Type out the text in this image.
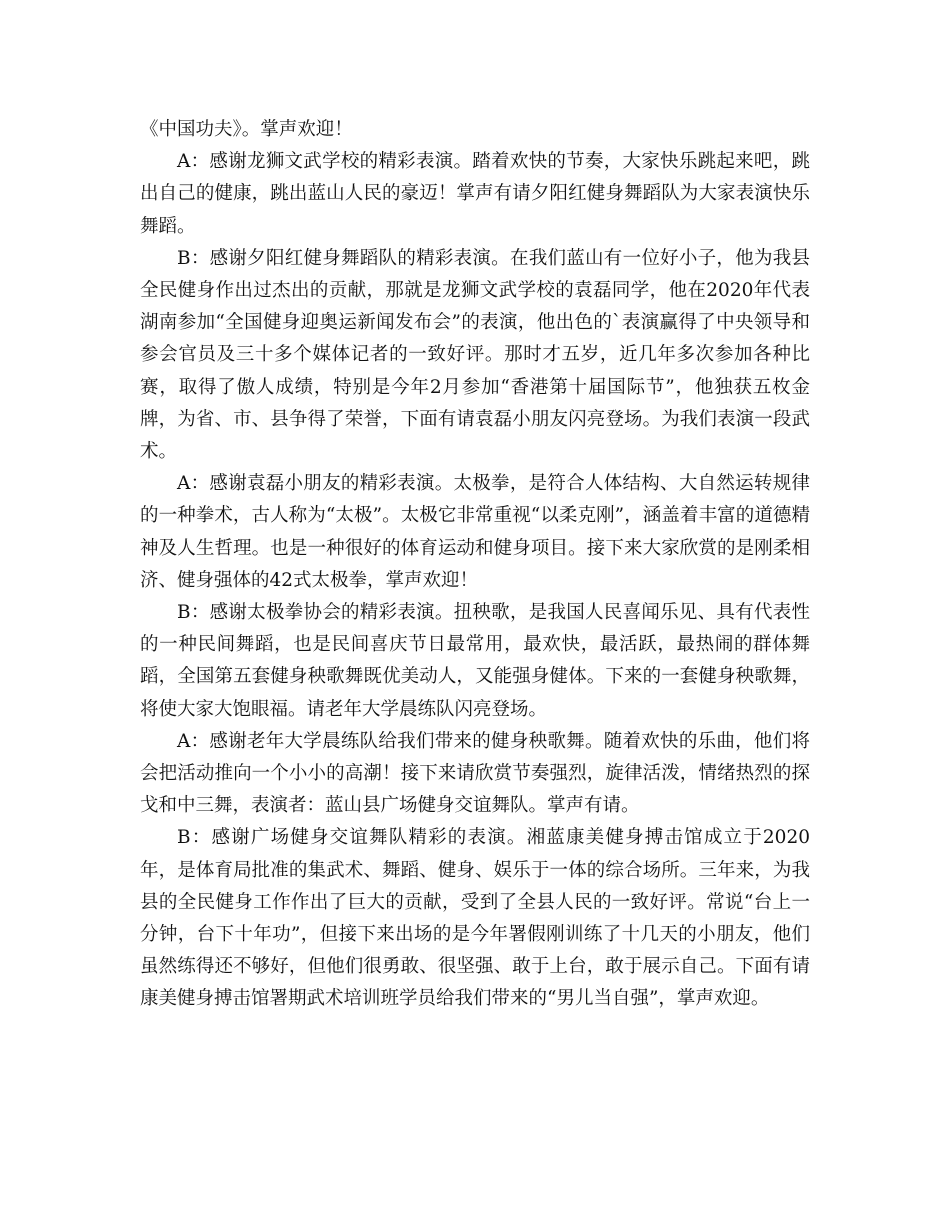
《中国功夫》。掌声欢迎！

A：感谢龙狮文武学校的精彩表演。踏着欢快的节奏，大家快乐跳起来吧，跳出自己的健康，跳出蓝山人民的豪迈！掌声有请夕阳红健身舞蹈队为大家表演快乐舞蹈。

B：感谢夕阳红健身舞蹈队的精彩表演。在我们蓝山有一位好小子，他为我县全民健身作出过杰出的贡献，那就是龙狮文武学校的袁磊同学，他在2020年代表湖南参加“全国健身迎奥运新闻发布会”的表演，他出色的`表演赢得了中央领导和参会官员及三十多个媒体记者的一致好评。那时才五岁，近几年多次参加各种比赛，取得了傲人成绩，特别是今年2月参加“香港第十届国际节”，他独获五枚金牌，为省、市、县争得了荣誉，下面有请袁磊小朋友闪亮登场。为我们表演一段武术。

A：感谢袁磊小朋友的精彩表演。太极拳，是符合人体结构、大自然运转规律的一种拳术，古人称为“太极”。太极它非常重视“以柔克刚”，涵盖着丰富的道德精神及人生哲理。也是一种很好的体育运动和健身项目。接下来大家欣赏的是刚柔相济、健身强体的42式太极拳，掌声欢迎！

B：感谢太极拳协会的精彩表演。扭秧歌，是我国人民喜闻乐见、具有代表性的一种民间舞蹈，也是民间喜庆节日最常用，最欢快，最活跃，最热闹的群体舞蹈，全国第五套健身秧歌舞既优美动人，又能强身健体。下来的一套健身秧歌舞，将使大家大饱眼福。请老年大学晨练队闪亮登场。

A：感谢老年大学晨练队给我们带来的健身秧歌舞。随着欢快的乐曲，他们将会把活动推向一个小小的高潮！接下来请欣赏节奏强烈，旋律活泼，情绪热烈的探戈和中三舞，表演者：蓝山县广场健身交谊舞队。掌声有请。

B：感谢广场健身交谊舞队精彩的表演。湘蓝康美健身搏击馆成立于2020年，是体育局批准的集武术、舞蹈、健身、娱乐于一体的综合场所。三年来，为我县的全民健身工作作出了巨大的贡献，受到了全县人民的一致好评。常说“台上一分钟，台下十年功”，但接下来出场的是今年署假刚训练了十几天的小朋友，他们虽然练得还不够好，但他们很勇敢、很坚强、敢于上台，敢于展示自己。下面有请康美健身搏击馆署期武术培训班学员给我们带来的“男儿当自强”，掌声欢迎。
